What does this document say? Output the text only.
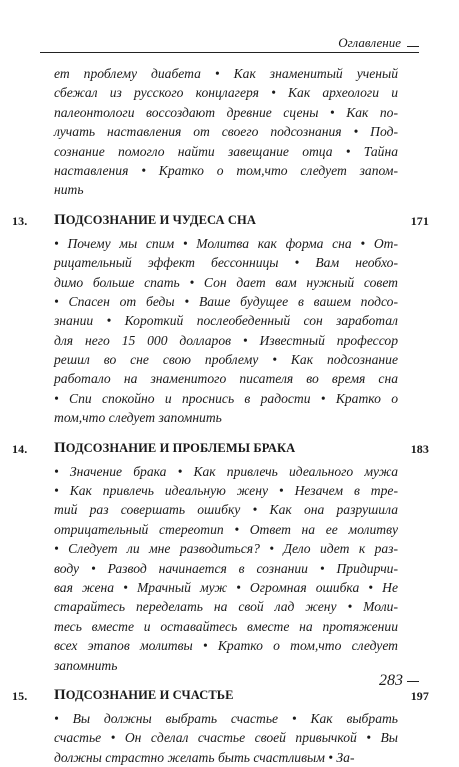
Оглавление
ет проблему диабета • Как знаменитый ученый
сбежал из русского концлагеря • Как археологи и
палеонтологи воссоздают древние сцены • Как по-
лучать наставления от своего подсознания • Под-
сознание помогло найти завещание отца • Тайна
наставления • Кратко о том,что следует запом-
нить
13. ПОДСОЗНАНИЕ И ЧУДЕСА СНА	171
• Почему мы спим • Молитва как форма сна • От-
рицательный эффект бессонницы • Вам необхо-
димо больше спать • Сон дает вам нужный совет
• Спасен от беды • Ваше будущее в вашем подсо-
знании • Короткий послеобеденный сон заработал
для него 15 000 долларов • Известный профессор
решил во сне свою проблему • Как подсознание
работало на знаменитого писателя во время сна
• Спи спокойно и проснись в радости • Кратко о
том,что следует запомнить
14. ПОДСОЗНАНИЕ И ПРОБЛЕМЫ БРАКА	183
• Значение брака • Как привлечь идеального мужа
• Как привлечь идеальную жену • Незачем в тре-
тий раз совершать ошибку • Как она разрушила
отрицательный стереотип • Ответ на ее молитву
• Следует ли мне разводиться? • Дело идет к раз-
воду • Развод начинается в сознании • Придирчи-
вая жена • Мрачный муж • Огромная ошибка • Не
старайтесь переделать на свой лад жену • Моли-
тесь вместе и оставайтесь вместе на протяжении
всех этапов молитвы • Кратко о том,что следует
запомнить
15. ПОДСОЗНАНИЕ И СЧАСТЬЕ	197
• Вы должны выбрать счастье • Как выбрать
счастье • Он сделал счастье своей привычкой • Вы
должны страстно желать быть счастливым • За-
283
